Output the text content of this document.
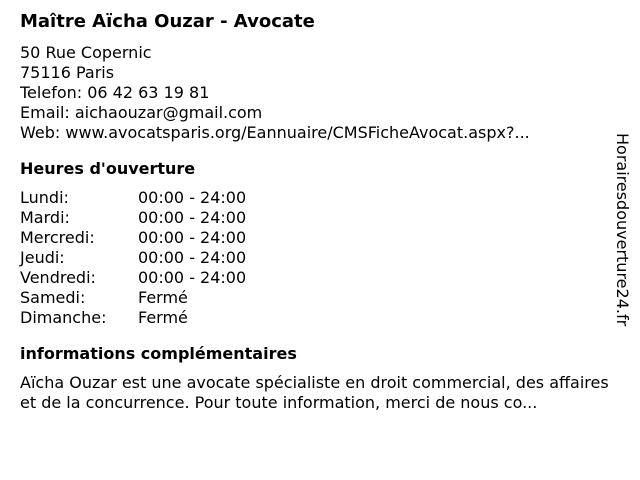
Maître Aïcha Ouzar - Avocate
50 Rue Copernic
75116 Paris
Telefon: 06 42 63 19 81
Email: aichaouzar@gmail.com
Web: www.avocatsparis.org/Eannuaire/CMSFicheAvocat.aspx?...
Heures d'ouverture
Lundi:	00:00 - 24:00
Mardi:	00:00 - 24:00
Mercredi:	00:00 - 24:00
Jeudi:	00:00 - 24:00
Vendredi:	00:00 - 24:00
Samedi:	Fermé
Dimanche:	Fermé
informations complémentaires
Aïcha Ouzar est une avocate spécialiste en droit commercial, des affaires et de la concurrence. Pour toute information, merci de nous co...
Horairesdouverture24.fr
